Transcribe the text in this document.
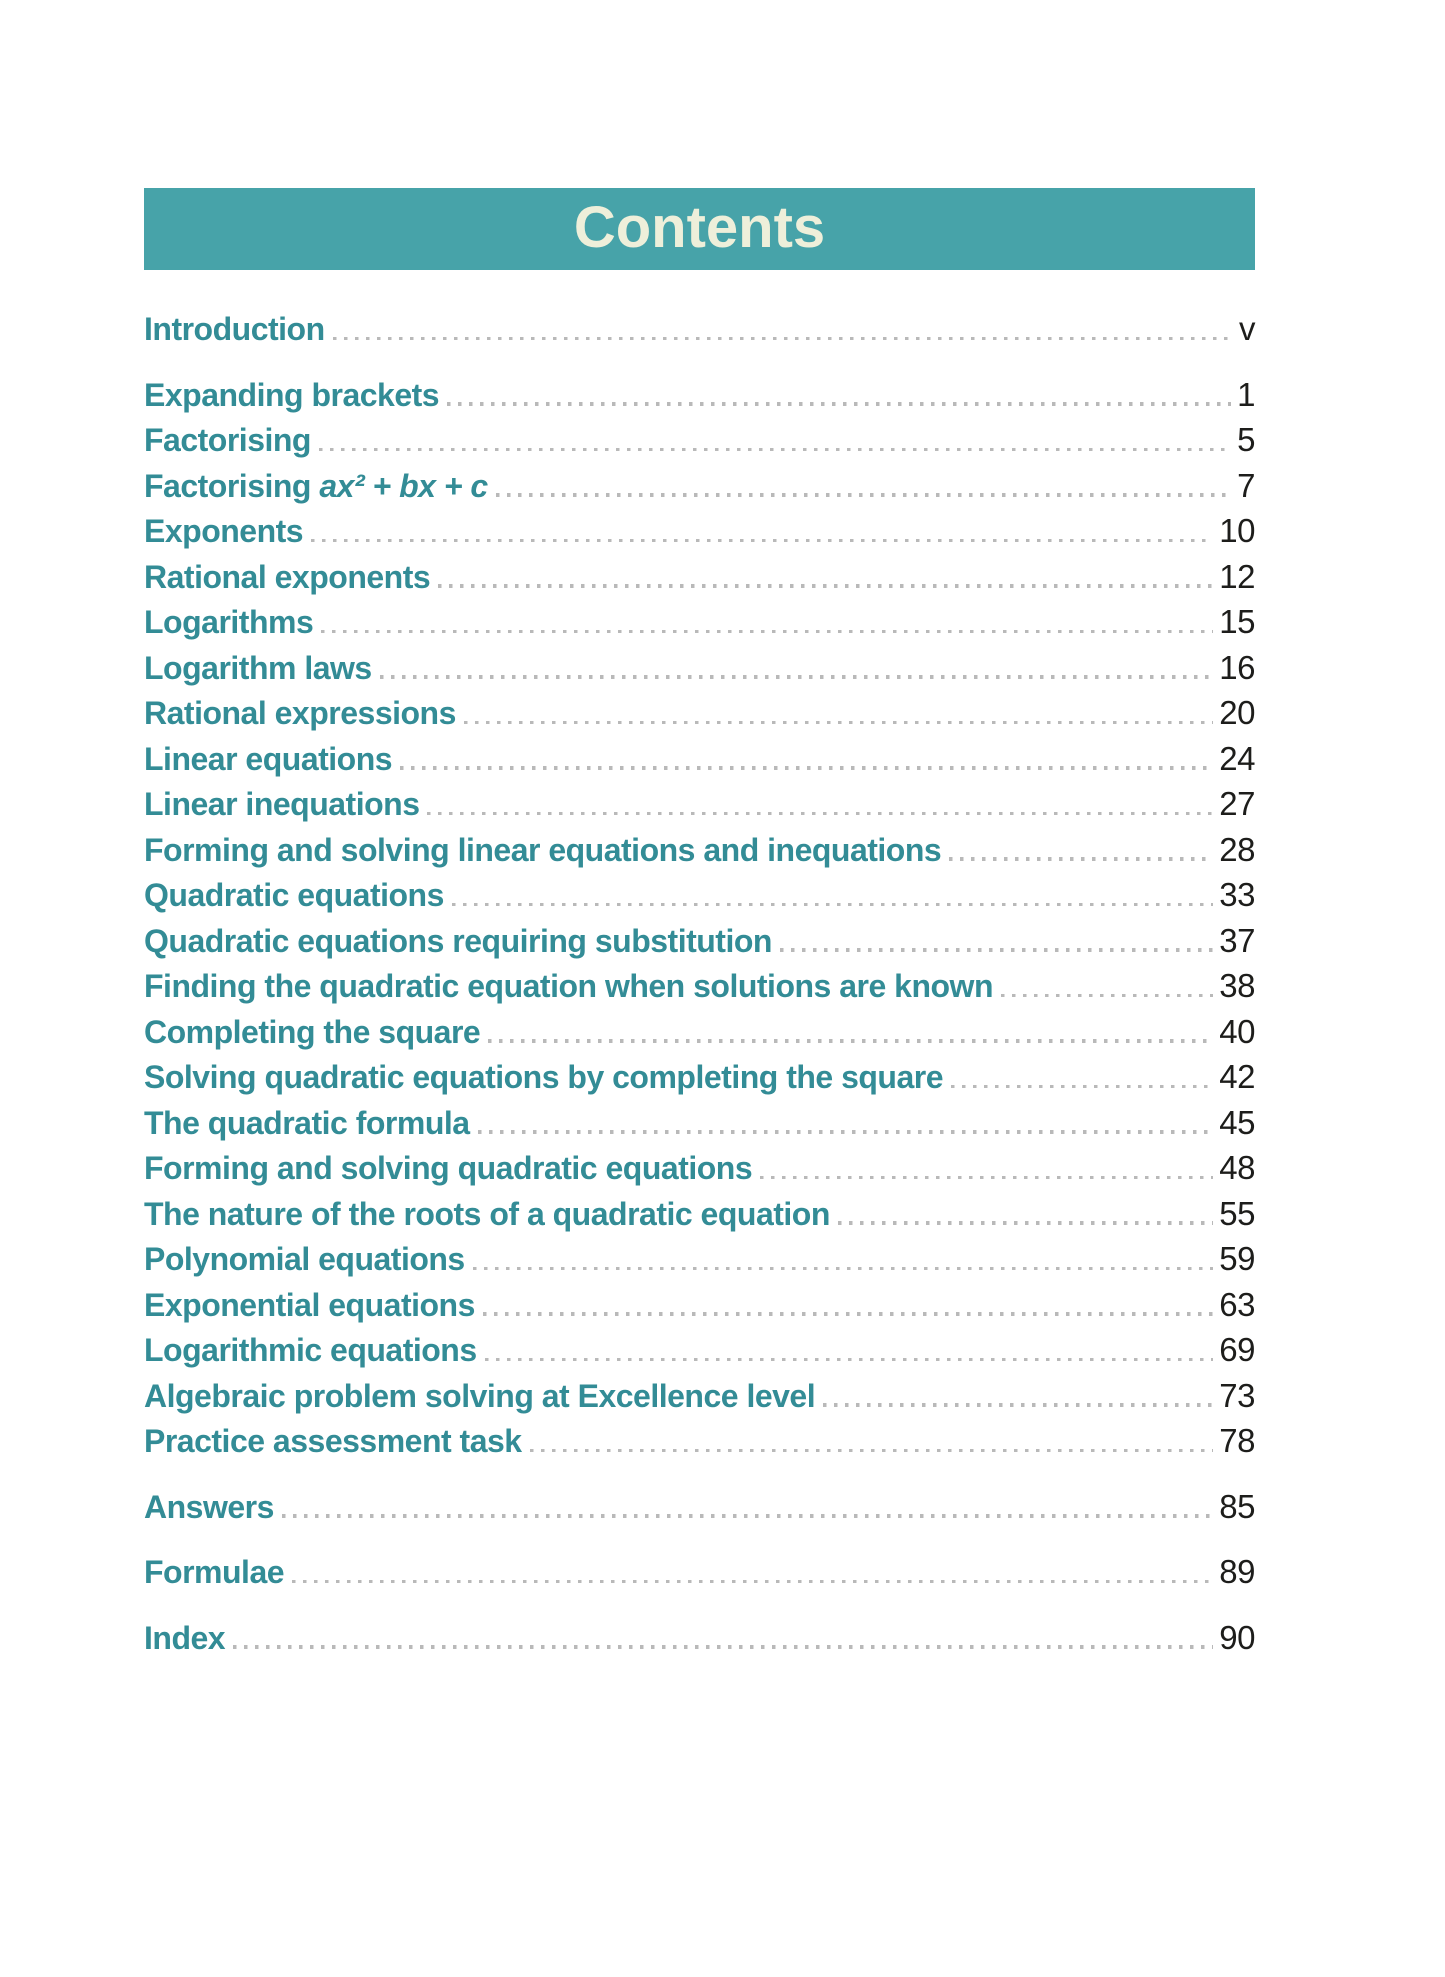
Contents
Introduction	v
Expanding brackets	1
Factorising	5
Factorising ax² + bx + c	7
Exponents	10
Rational exponents	12
Logarithms	15
Logarithm laws	16
Rational expressions	20
Linear equations	24
Linear inequations	27
Forming and solving linear equations and inequations	28
Quadratic equations	33
Quadratic equations requiring substitution	37
Finding the quadratic equation when solutions are known	38
Completing the square	40
Solving quadratic equations by completing the square	42
The quadratic formula	45
Forming and solving quadratic equations	48
The nature of the roots of a quadratic equation	55
Polynomial equations	59
Exponential equations	63
Logarithmic equations	69
Algebraic problem solving at Excellence level	73
Practice assessment task	78
Answers	85
Formulae	89
Index	90
